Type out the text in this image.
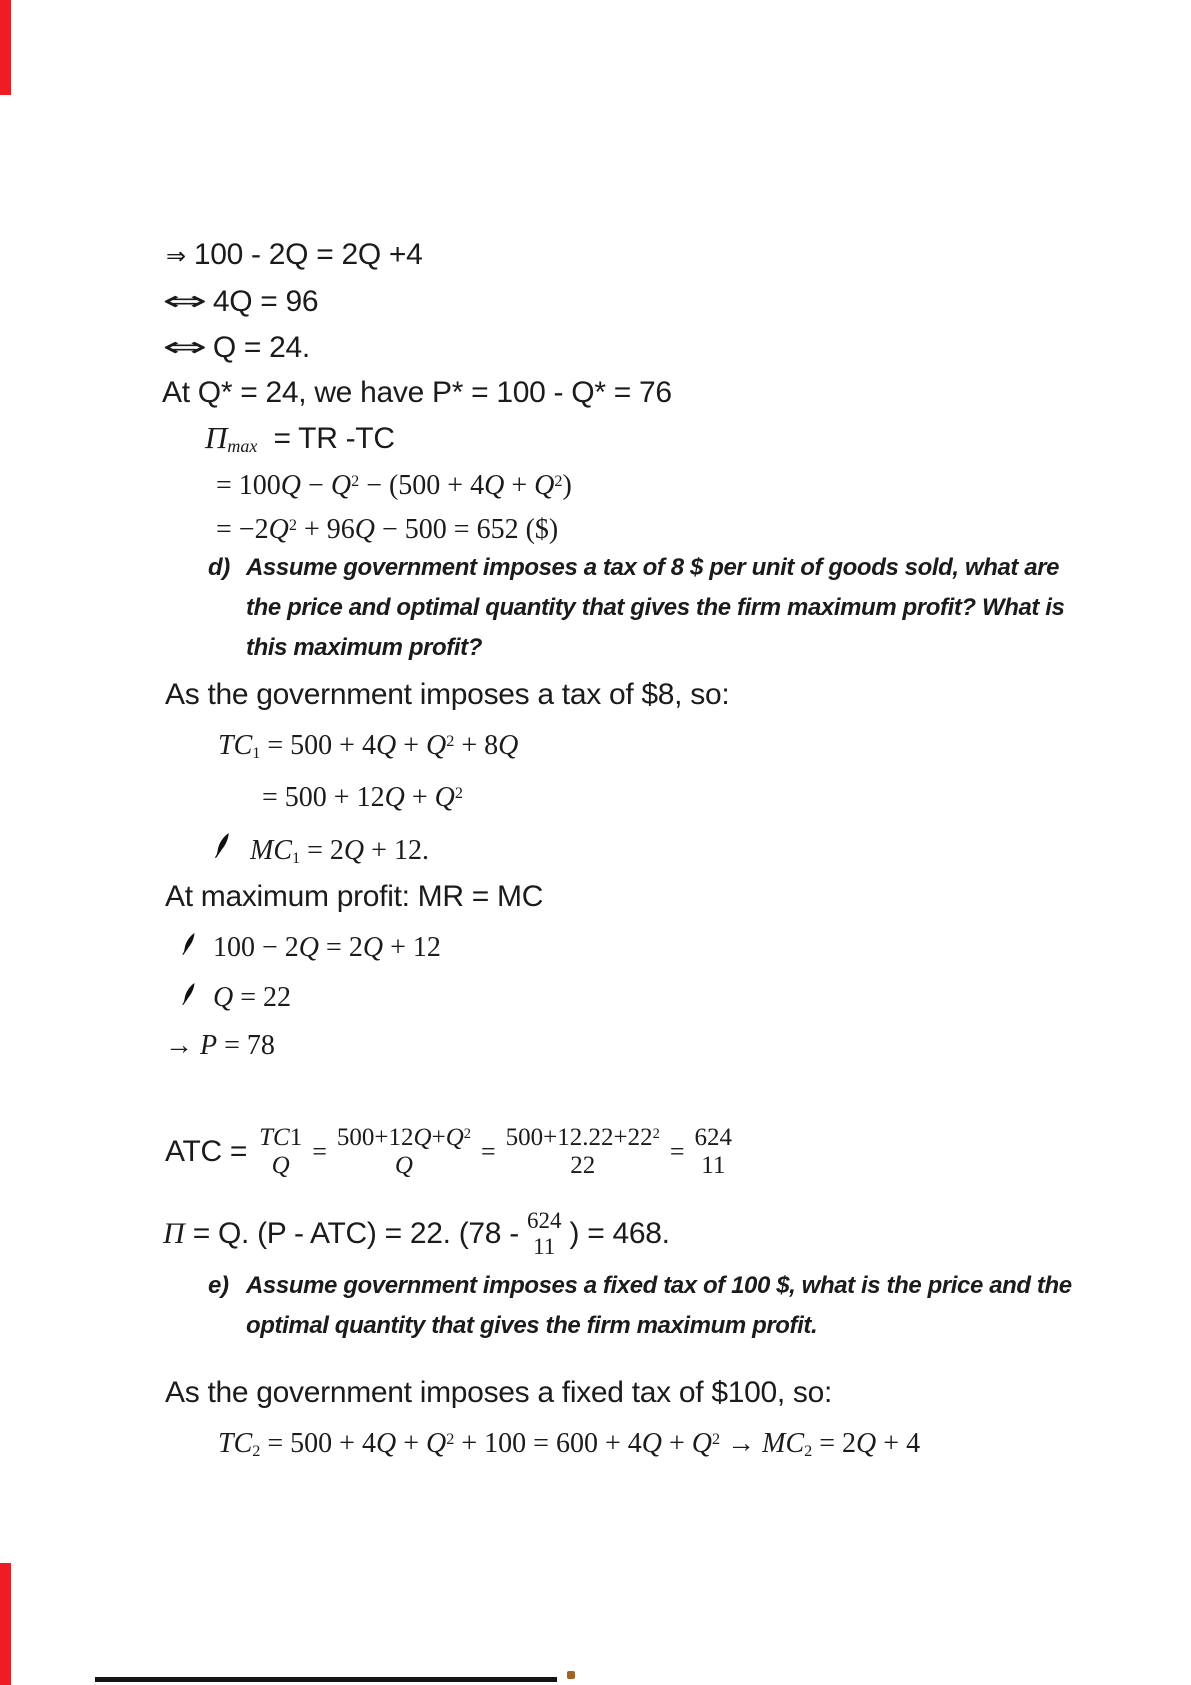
⇒ 100 - 2Q = 2Q +4
⇔ 4Q = 96
⇔ Q = 24.
At Q* = 24, we have P* = 100 - Q* = 76
Πmax  = TR -TC
= $100Q - Q^2 - (500 + 4Q + Q^2)$
= $-2Q^2 + 96Q - 500 = 652$ ($)
d) Assume government imposes a tax of 8 $ per unit of goods sold, what are
the price and optimal quantity that gives the firm maximum profit? What is
this maximum profit?
As the government imposes a tax of $8, so:
$TC1 = 500 + 4Q + Q^2 + 8Q$
= $500 + 12Q + Q^2$
MC1 = 2Q + 12.
At maximum profit: MR = MC
100 − 2Q = 2Q + 12
Q = 22
→ P = 78
ATC = TC1
$Q = 500+12Q+Q^2$
Q	= $500+12.22+22^2$
22	= 624
11
Π = Q. (P - ATC) = 22. (78 - 624
11 ) = 468.
e) Assume government imposes a fixed tax of 100 $, what is the price and the
optimal quantity that gives the firm maximum profit.
As the government imposes a fixed tax of $100, so:
$TC2 = 500 + 4Q + Q^2 + 100 = 600 + 4Q + Q^2 \to MC2 = 2Q + 4$
